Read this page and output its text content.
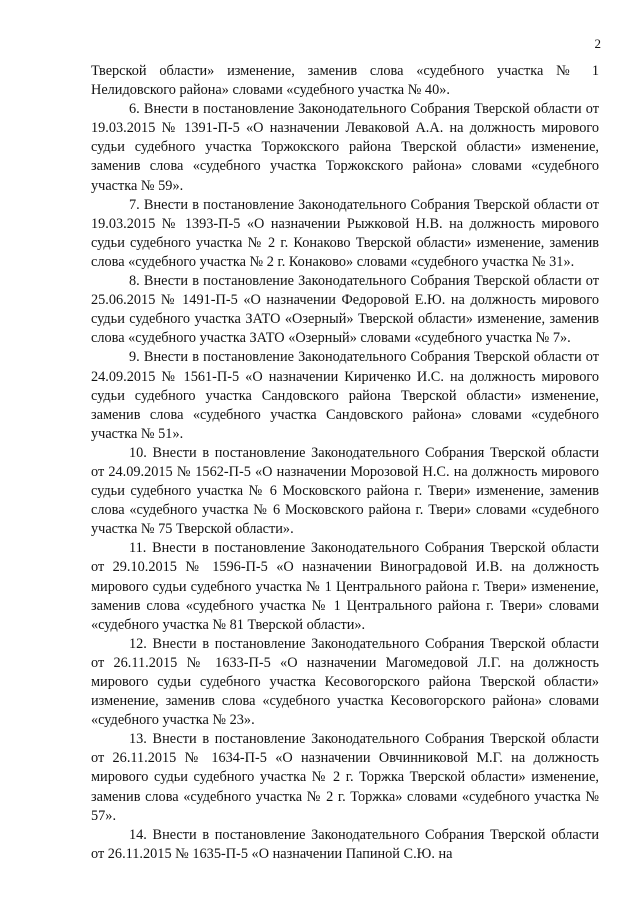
2

Тверской области» изменение, заменив слова «судебного участка № 1 Нелидовского района» словами «судебного участка № 40».

6. Внести в постановление Законодательного Собрания Тверской области от 19.03.2015 № 1391-П-5 «О назначении Леваковой А.А. на должность мирового судьи судебного участка Торжокского района Тверской области» изменение, заменив слова «судебного участка Торжокского района» словами «судебного участка № 59».

7. Внести в постановление Законодательного Собрания Тверской области от 19.03.2015 № 1393-П-5 «О назначении Рыжковой Н.В. на должность мирового судьи судебного участка № 2 г. Конаково Тверской области» изменение, заменив слова «судебного участка № 2 г. Конаково» словами «судебного участка № 31».

8. Внести в постановление Законодательного Собрания Тверской области от 25.06.2015 № 1491-П-5 «О назначении Федоровой Е.Ю. на должность мирового судьи судебного участка ЗАТО «Озерный» Тверской области» изменение, заменив слова «судебного участка ЗАТО «Озерный» словами «судебного участка № 7».

9. Внести в постановление Законодательного Собрания Тверской области от 24.09.2015 № 1561-П-5 «О назначении Кириченко И.С. на должность мирового судьи судебного участка Сандовского района Тверской области» изменение, заменив слова «судебного участка Сандовского района» словами «судебного участка № 51».

10. Внести в постановление Законодательного Собрания Тверской области от 24.09.2015 № 1562-П-5 «О назначении Морозовой Н.С. на должность мирового судьи судебного участка № 6 Московского района г. Твери» изменение, заменив слова «судебного участка № 6 Московского района г. Твери» словами «судебного участка № 75 Тверской области».

11. Внести в постановление Законодательного Собрания Тверской области от 29.10.2015 № 1596-П-5 «О назначении Виноградовой И.В. на должность мирового судьи судебного участка № 1 Центрального района г. Твери» изменение, заменив слова «судебного участка № 1 Центрального района г. Твери» словами «судебного участка № 81 Тверской области».

12. Внести в постановление Законодательного Собрания Тверской области от 26.11.2015 № 1633-П-5 «О назначении Магомедовой Л.Г. на должность мирового судьи судебного участка Кесовогорского района Тверской области» изменение, заменив слова «судебного участка Кесовогорского района» словами «судебного участка № 23».

13. Внести в постановление Законодательного Собрания Тверской области от 26.11.2015 № 1634-П-5 «О назначении Овчинниковой М.Г. на должность мирового судьи судебного участка № 2 г. Торжка Тверской области» изменение, заменив слова «судебного участка № 2 г. Торжка» словами «судебного участка № 57».

14. Внести в постановление Законодательного Собрания Тверской области от 26.11.2015 № 1635-П-5 «О назначении Папиной С.Ю. на
